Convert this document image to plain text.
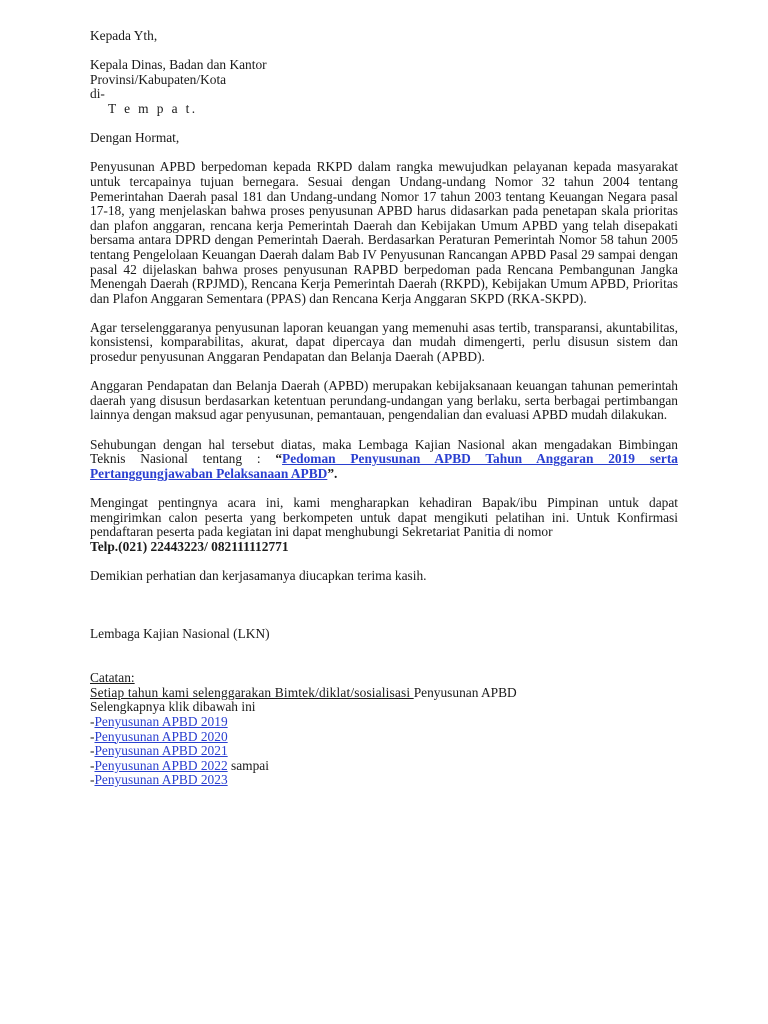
Kepada Yth,

Kepala Dinas, Badan dan Kantor

Provinsi/Kabupaten/Kota

di-

T e m p a t.

Dengan Hormat,

Penyusunan APBD berpedoman kepada RKPD dalam rangka mewujudkan pelayanan kepada masyarakat untuk tercapainya tujuan bernegara. Sesuai dengan Undang-undang Nomor 32 tahun 2004 tentang Pemerintahan Daerah pasal 181 dan Undang-undang Nomor 17 tahun 2003 tentang Keuangan Negara pasal 17-18, yang menjelaskan bahwa proses penyusunan APBD harus didasarkan pada penetapan skala prioritas dan plafon anggaran, rencana kerja Pemerintah Daerah dan Kebijakan Umum APBD yang telah disepakati bersama antara DPRD dengan Pemerintah Daerah. Berdasarkan Peraturan Pemerintah Nomor 58 tahun 2005 tentang Pengelolaan Keuangan Daerah dalam Bab IV Penyusunan Rancangan APBD Pasal 29 sampai dengan pasal 42 dijelaskan bahwa proses penyusunan RAPBD berpedoman pada Rencana Pembangunan Jangka Menengah Daerah (RPJMD), Rencana Kerja Pemerintah Daerah (RKPD), Kebijakan Umum APBD, Prioritas dan Plafon Anggaran Sementara (PPAS) dan Rencana Kerja Anggaran SKPD (RKA-SKPD).

Agar terselenggaranya penyusunan laporan keuangan yang memenuhi asas tertib, transparansi, akuntabilitas, konsistensi, komparabilitas, akurat, dapat dipercaya dan mudah dimengerti, perlu disusun sistem dan prosedur penyusunan Anggaran Pendapatan dan Belanja Daerah (APBD).

Anggaran Pendapatan dan Belanja Daerah (APBD) merupakan kebijaksanaan keuangan tahunan pemerintah daerah yang disusun berdasarkan ketentuan perundang-undangan yang berlaku, serta berbagai pertimbangan lainnya dengan maksud agar penyusunan, pemantauan, pengendalian dan evaluasi APBD mudah dilakukan.

Sehubungan dengan hal tersebut diatas, maka Lembaga Kajian Nasional akan mengadakan Bimbingan Teknis Nasional tentang : “Pedoman Penyusunan APBD Tahun Anggaran 2019 serta Pertanggungjawaban Pelaksanaan APBD”.

Mengingat pentingnya acara ini, kami mengharapkan kehadiran Bapak/ibu Pimpinan untuk dapat mengirimkan calon peserta yang berkompeten untuk dapat mengikuti pelatihan ini. Untuk Konfirmasi pendaftaran peserta pada kegiatan ini dapat menghubungi Sekretariat Panitia di nomor

Telp.(021) 22443223/ 082111112771

Demikian perhatian dan kerjasamanya diucapkan terima kasih.

Lembaga Kajian Nasional (LKN)

Catatan:

Setiap tahun kami selenggarakan Bimtek/diklat/sosialisasi Penyusunan APBD

Selengkapnya klik dibawah ini

-Penyusunan APBD 2019

-Penyusunan APBD 2020

-Penyusunan APBD 2021

-Penyusunan APBD 2022 sampai

-Penyusunan APBD 2023
